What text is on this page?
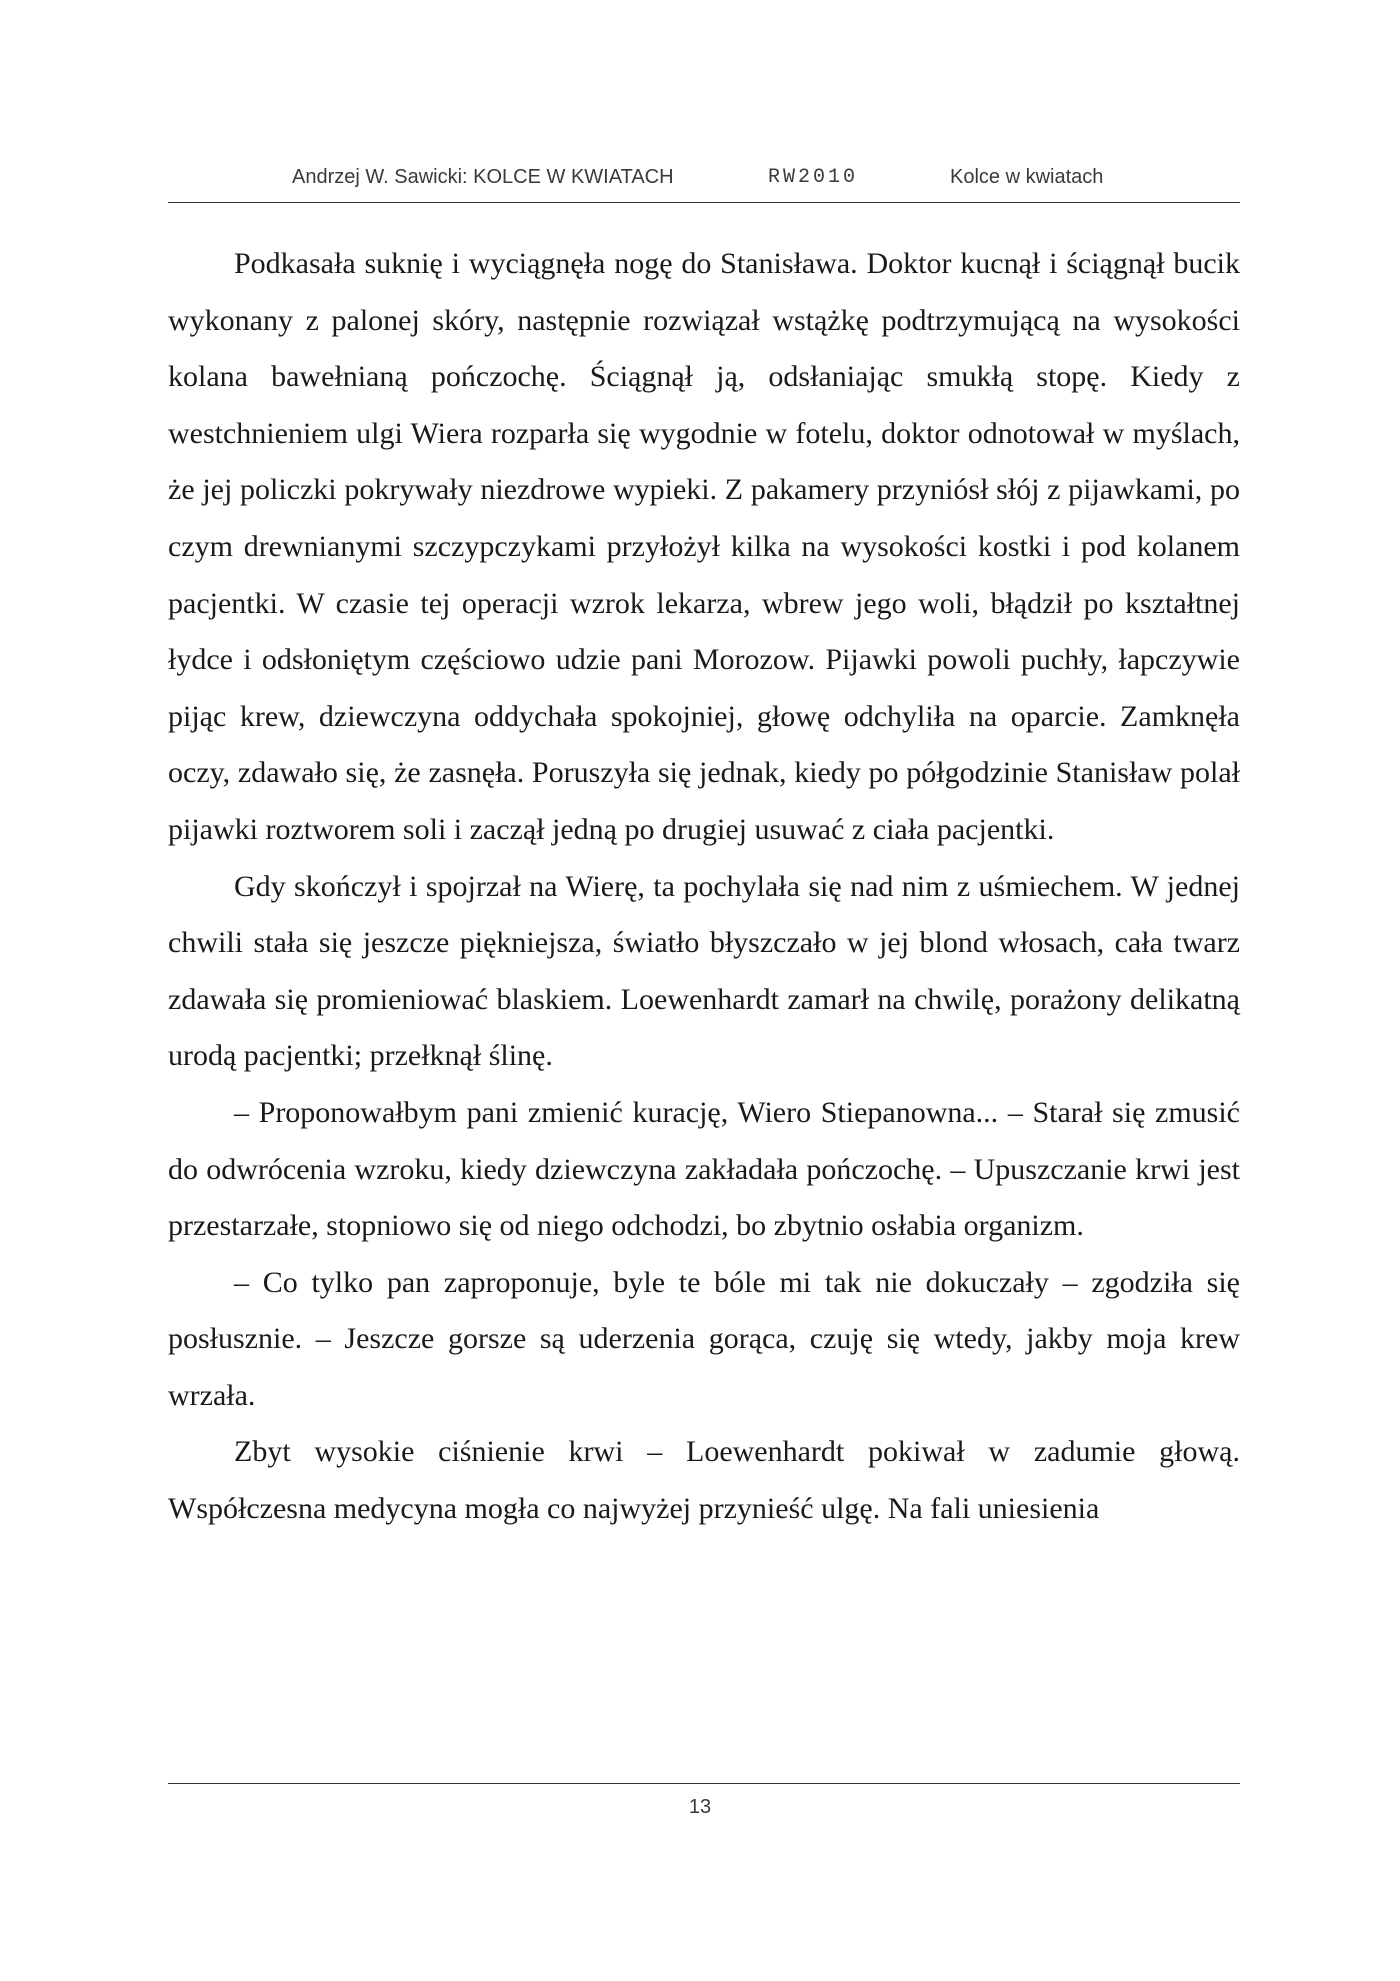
Andrzej W. Sawicki: KOLCE W KWIATACH	RW2010	Kolce w kwiatach

Podkasała suknię i wyciągnęła nogę do Stanisława. Doktor kucnął i ściągnął bucik wykonany z palonej skóry, następnie rozwiązał wstążkę podtrzymującą na wysokości kolana bawełnianą pończochę. Ściągnął ją, odsłaniając smukłą stopę. Kiedy z westchnieniem ulgi Wiera rozparła się wygodnie w fotelu, doktor odnotował w myślach, że jej policzki pokrywały niezdrowe wypieki. Z pakamery przyniósł słój z pijawkami, po czym drewnianymi szczypczykami przyłożył kilka na wysokości kostki i pod kolanem pacjentki. W czasie tej operacji wzrok lekarza, wbrew jego woli, błądził po kształtnej łydce i odsłoniętym częściowo udzie pani Morozow. Pijawki powoli puchły, łapczywie pijąc krew, dziewczyna oddychała spokojniej, głowę odchyliła na oparcie. Zamknęła oczy, zdawało się, że zasnęła. Poruszyła się jednak, kiedy po półgodzinie Stanisław polał pijawki roztworem soli i zaczął jedną po drugiej usuwać z ciała pacjentki.

Gdy skończył i spojrzał na Wierę, ta pochylała się nad nim z uśmiechem. W jednej chwili stała się jeszcze piękniejsza, światło błyszczało w jej blond włosach, cała twarz zdawała się promieniować blaskiem. Loewenhardt zamarł na chwilę, porażony delikatną urodą pacjentki; przełknął ślinę.

– Proponowałbym pani zmienić kurację, Wiero Stiepanowna... – Starał się zmusić do odwrócenia wzroku, kiedy dziewczyna zakładała pończochę. – Upuszczanie krwi jest przestarzałe, stopniowo się od niego odchodzi, bo zbytnio osłabia organizm.

– Co tylko pan zaproponuje, byle te bóle mi tak nie dokuczały – zgodziła się posłusznie. – Jeszcze gorsze są uderzenia gorąca, czuję się wtedy, jakby moja krew wrzała.

Zbyt wysokie ciśnienie krwi – Loewenhardt pokiwał w zadumie głową. Współczesna medycyna mogła co najwyżej przynieść ulgę. Na fali uniesienia

13
